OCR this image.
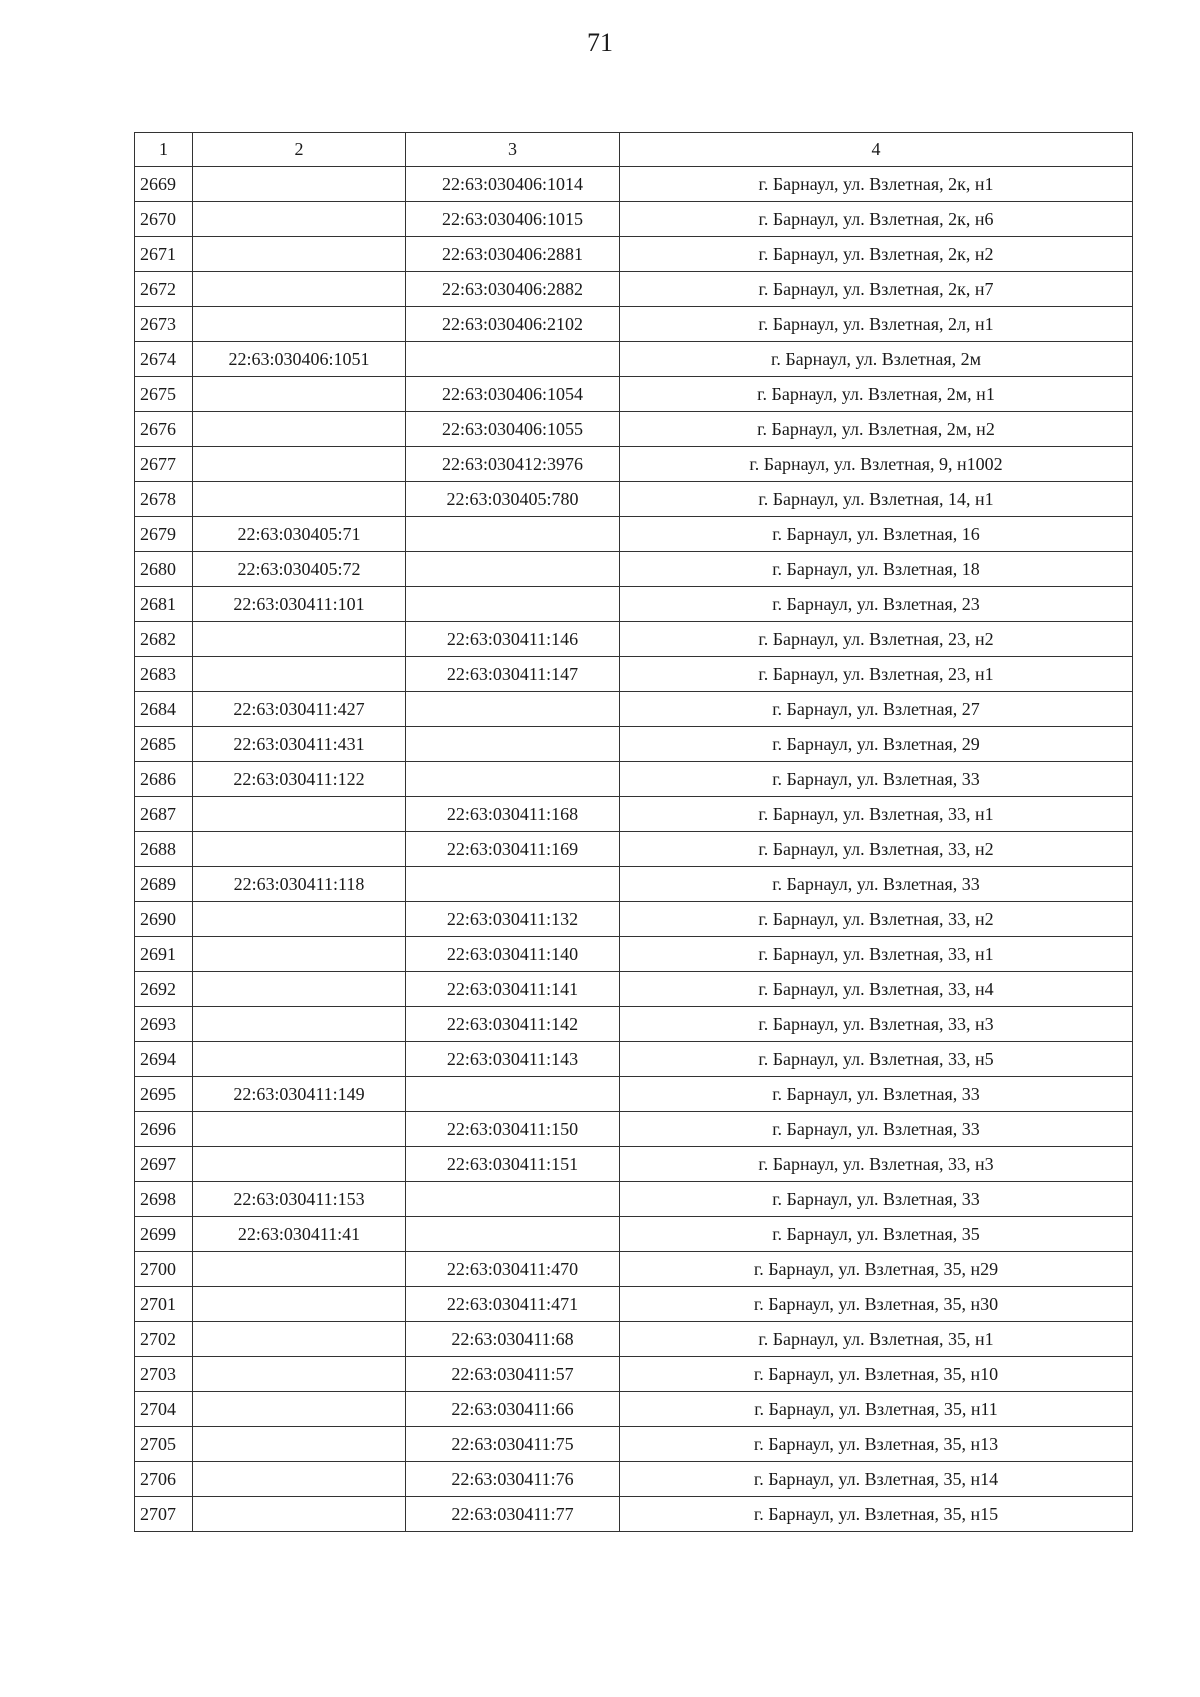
71
1	2	3	4
2669		22:63:030406:1014	г. Барнаул, ул. Взлетная, 2к, н1
2670		22:63:030406:1015	г. Барнаул, ул. Взлетная, 2к, н6
2671		22:63:030406:2881	г. Барнаул, ул. Взлетная, 2к, н2
2672		22:63:030406:2882	г. Барнаул, ул. Взлетная, 2к, н7
2673		22:63:030406:2102	г. Барнаул, ул. Взлетная, 2л, н1
2674	22:63:030406:1051		г. Барнаул, ул. Взлетная, 2м
2675		22:63:030406:1054	г. Барнаул, ул. Взлетная, 2м, н1
2676		22:63:030406:1055	г. Барнаул, ул. Взлетная, 2м, н2
2677		22:63:030412:3976	г. Барнаул, ул. Взлетная, 9, н1002
2678		22:63:030405:780	г. Барнаул, ул. Взлетная, 14, н1
2679	22:63:030405:71		г. Барнаул, ул. Взлетная, 16
2680	22:63:030405:72		г. Барнаул, ул. Взлетная, 18
2681	22:63:030411:101		г. Барнаул, ул. Взлетная, 23
2682		22:63:030411:146	г. Барнаул, ул. Взлетная, 23, н2
2683		22:63:030411:147	г. Барнаул, ул. Взлетная, 23, н1
2684	22:63:030411:427		г. Барнаул, ул. Взлетная, 27
2685	22:63:030411:431		г. Барнаул, ул. Взлетная, 29
2686	22:63:030411:122		г. Барнаул, ул. Взлетная, 33
2687		22:63:030411:168	г. Барнаул, ул. Взлетная, 33, н1
2688		22:63:030411:169	г. Барнаул, ул. Взлетная, 33, н2
2689	22:63:030411:118		г. Барнаул, ул. Взлетная, 33
2690		22:63:030411:132	г. Барнаул, ул. Взлетная, 33, н2
2691		22:63:030411:140	г. Барнаул, ул. Взлетная, 33, н1
2692		22:63:030411:141	г. Барнаул, ул. Взлетная, 33, н4
2693		22:63:030411:142	г. Барнаул, ул. Взлетная, 33, н3
2694		22:63:030411:143	г. Барнаул, ул. Взлетная, 33, н5
2695	22:63:030411:149		г. Барнаул, ул. Взлетная, 33
2696		22:63:030411:150	г. Барнаул, ул. Взлетная, 33
2697		22:63:030411:151	г. Барнаул, ул. Взлетная, 33, н3
2698	22:63:030411:153		г. Барнаул, ул. Взлетная, 33
2699	22:63:030411:41		г. Барнаул, ул. Взлетная, 35
2700		22:63:030411:470	г. Барнаул, ул. Взлетная, 35, н29
2701		22:63:030411:471	г. Барнаул, ул. Взлетная, 35, н30
2702		22:63:030411:68	г. Барнаул, ул. Взлетная, 35, н1
2703		22:63:030411:57	г. Барнаул, ул. Взлетная, 35, н10
2704		22:63:030411:66	г. Барнаул, ул. Взлетная, 35, н11
2705		22:63:030411:75	г. Барнаул, ул. Взлетная, 35, н13
2706		22:63:030411:76	г. Барнаул, ул. Взлетная, 35, н14
2707		22:63:030411:77	г. Барнаул, ул. Взлетная, 35, н15
